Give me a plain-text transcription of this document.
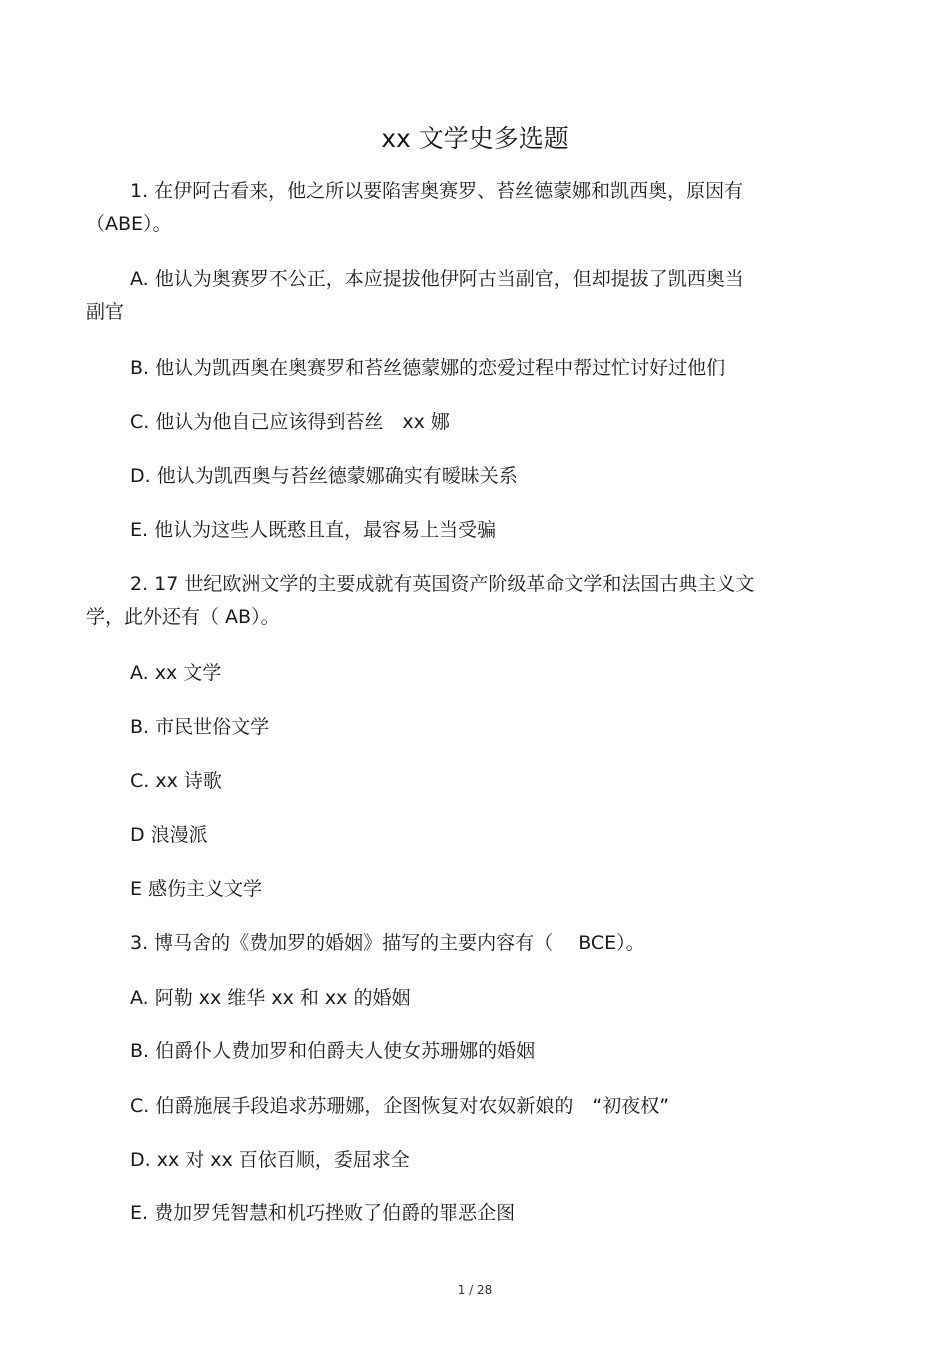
xx 文学史多选题
1. 在伊阿古看来，他之所以要陷害奥赛罗、苔丝德蒙娜和凯西奥，原因有
（ABE）。
A. 他认为奥赛罗不公正，本应提拔他伊阿古当副官，但却提拔了凯西奥当
副官
B. 他认为凯西奥在奥赛罗和苔丝德蒙娜的恋爱过程中帮过忙讨好过他们
C. 他认为他自己应该得到苔丝　xx 娜
D. 他认为凯西奥与苔丝德蒙娜确实有暧昧关系
E. 他认为这些人既憨且直，最容易上当受骗
2. 17 世纪欧洲文学的主要成就有英国资产阶级革命文学和法国古典主义文
学，此外还有（ AB）。
A. xx 文学
B. 市民世俗文学
C. xx 诗歌
D 浪漫派
E 感伤主义文学
3. 博马舍的《费加罗的婚姻》描写的主要内容有（　 BCE）。
A. 阿勒 xx 维华 xx 和 xx 的婚姻
B. 伯爵仆人费加罗和伯爵夫人使女苏珊娜的婚姻
C. 伯爵施展手段追求苏珊娜，企图恢复对农奴新娘的　“初夜权”
D. xx 对 xx 百依百顺，委屈求全
E. 费加罗凭智慧和机巧挫败了伯爵的罪恶企图
1 / 28
